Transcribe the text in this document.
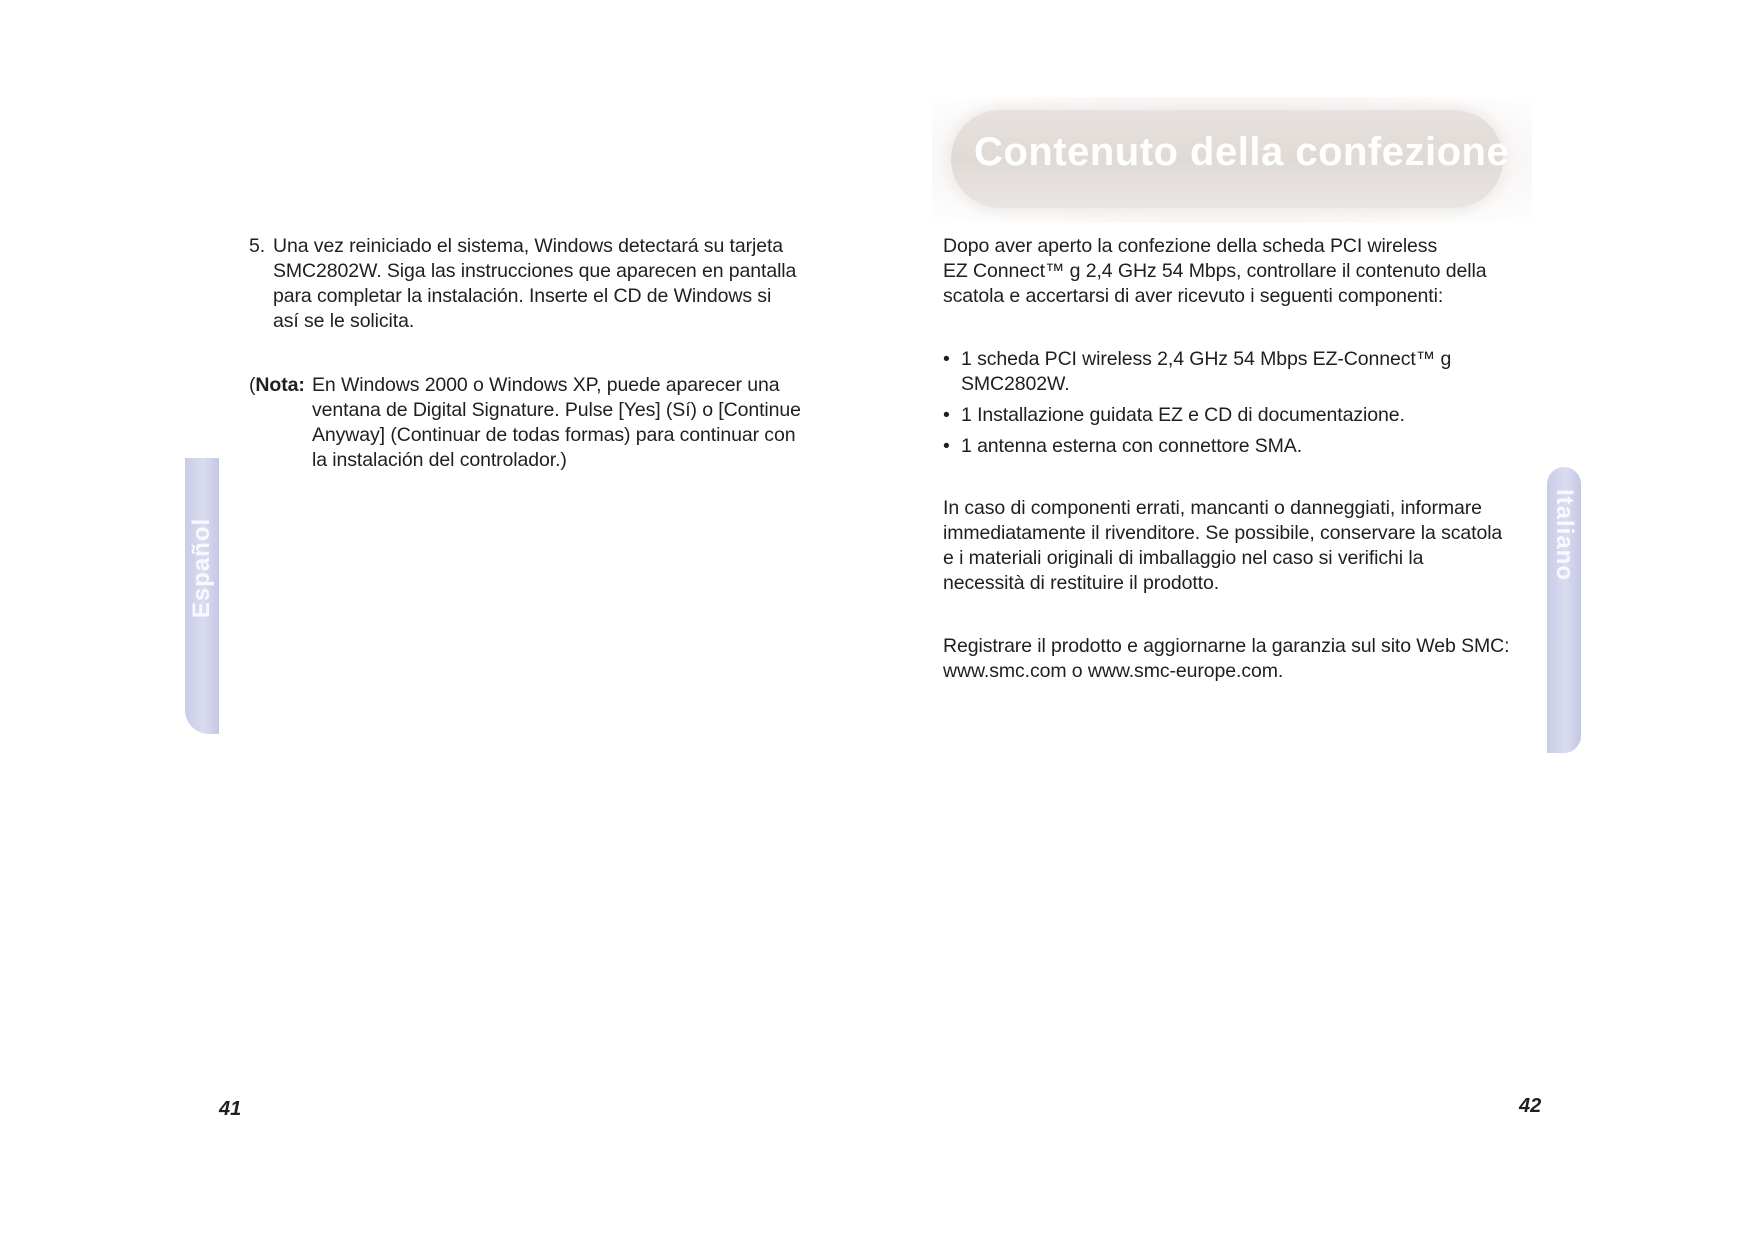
Español
5. Una vez reiniciado el sistema, Windows detectará su tarjeta

SMC2802W. Siga las instrucciones que aparecen en pantalla

para completar la instalación. Inserte el CD de Windows si

así se le solicita.

(Nota: En Windows 2000 o Windows XP, puede aparecer una

ventana de Digital Signature. Pulse [Yes] (Sí) o [Continue

Anyway] (Continuar de todas formas) para continuar con

la instalación del controlador.)

41
Contenuto della confezione

Dopo aver aperto la confezione della scheda PCI wireless

EZ Connect™ g 2,4 GHz 54 Mbps, controllare il contenuto della

scatola e accertarsi di aver ricevuto i seguenti componenti:

• 1 scheda PCI wireless 2,4 GHz 54 Mbps EZ-Connect™ g

SMC2802W.

• 1 Installazione guidata EZ e CD di documentazione.

• 1 antenna esterna con connettore SMA.

In caso di componenti errati, mancanti o danneggiati, informare

immediatamente il rivenditore. Se possibile, conservare la scatola

e i materiali originali di imballaggio nel caso si verifichi la

necessità di restituire il prodotto.

Registrare il prodotto e aggiornarne la garanzia sul sito Web SMC:

www.smc.com o www.smc-europe.com.

Italiano
42
